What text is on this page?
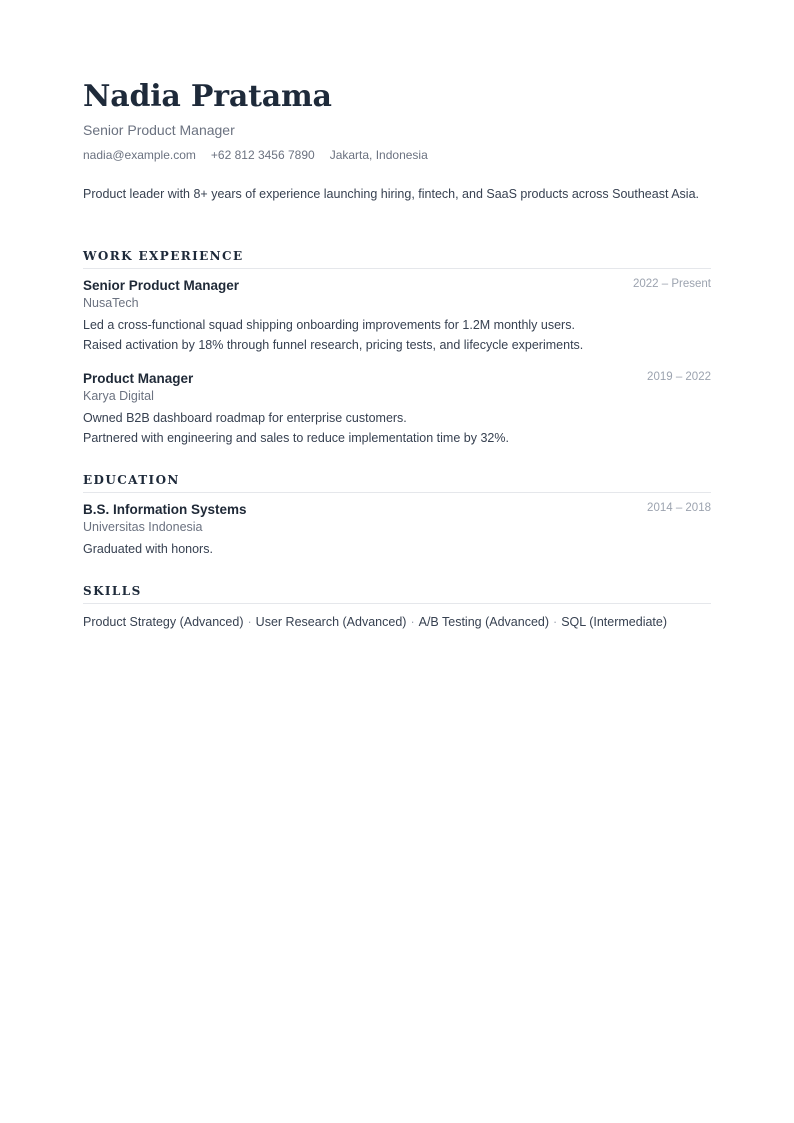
Nadia Pratama
Senior Product Manager
nadia@example.com +62 812 3456 7890 Jakarta, Indonesia
Product leader with 8+ years of experience launching hiring, fintech, and SaaS products across Southeast Asia.
WORK EXPERIENCE
Senior Product Manager	2022 – Present
NusaTech
Led a cross-functional squad shipping onboarding improvements for 1.2M monthly users.
Raised activation by 18% through funnel research, pricing tests, and lifecycle experiments.
Product Manager	2019 – 2022
Karya Digital
Owned B2B dashboard roadmap for enterprise customers.
Partnered with engineering and sales to reduce implementation time by 32%.
EDUCATION
B.S. Information Systems	2014 – 2018
Universitas Indonesia
Graduated with honors.
SKILLS
Product Strategy (Advanced) · User Research (Advanced) · A/B Testing (Advanced) · SQL (Intermediate)
